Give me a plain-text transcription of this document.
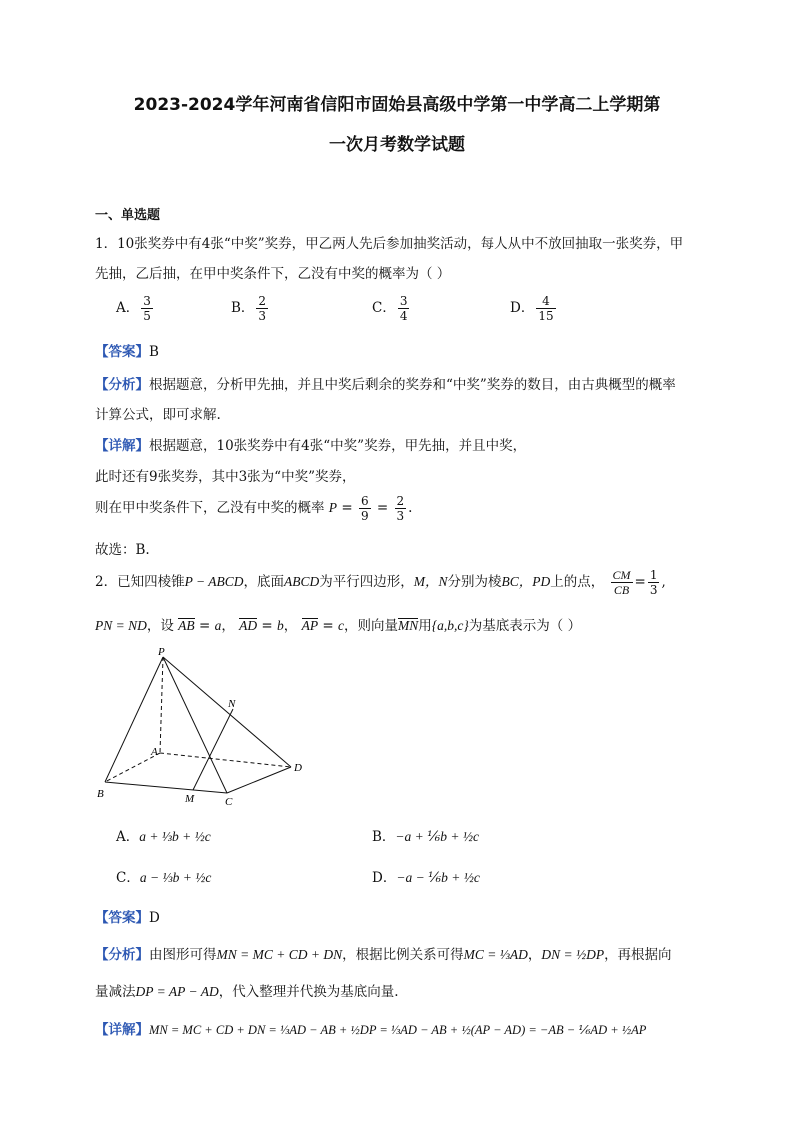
2023-2024学年河南省信阳市固始县高级中学第一中学高二上学期第
一次月考数学试题
一、单选题
1．10张奖券中有4张“中奖”奖券，甲乙两人先后参加抽奖活动，每人从中不放回抽取一张奖券，甲
先抽，乙后抽，在甲中奖条件下，乙没有中奖的概率为（ ）
A． $\frac{3}{5}$	B． $\frac{2}{3}$	C． $\frac{3}{4}$	D． $\frac{4}{15}$
【答案】B
【分析】根据题意，分析甲先抽，并且中奖后剩余的奖券和“中奖”奖券的数目，由古典概型的概率
计算公式，即可求解.
【详解】根据题意，10张奖券中有4张“中奖”奖券，甲先抽，并且中奖，
此时还有9张奖券，其中3张为“中奖”奖券，
则在甲中奖条件下，乙没有中奖的概率 $P = \frac{6}{9} = \frac{2}{3}$ .
故选：B.
2．已知四棱锥P − ABCD，底面ABCD为平行四边形，M，N分别为棱BC，PD上的点， $\frac{CM}{CB} = \frac{1}{3}$ ,
PN = ND，设 AB = a， AD = b， AP = c，则向量MN用{a,b,c}为基底表示为（ ）
P
A
B
C
D
M
N
A．a + ⅓b + ½c	B．−a + ⅙b + ½c
C．a − ⅓b + ½c	D．−a − ⅙b + ½c
【答案】D
【分析】由图形可得MN = MC + CD + DN，根据比例关系可得MC = ⅓AD，DN = ½DP，再根据向
量减法DP = AP − AD，代入整理并代换为基底向量.
【详解】MN = MC + CD + DN = ⅓AD − AB + ½DP = ⅓AD − AB + ½(AP − AD) = −AB − ⅙AD + ½AP
